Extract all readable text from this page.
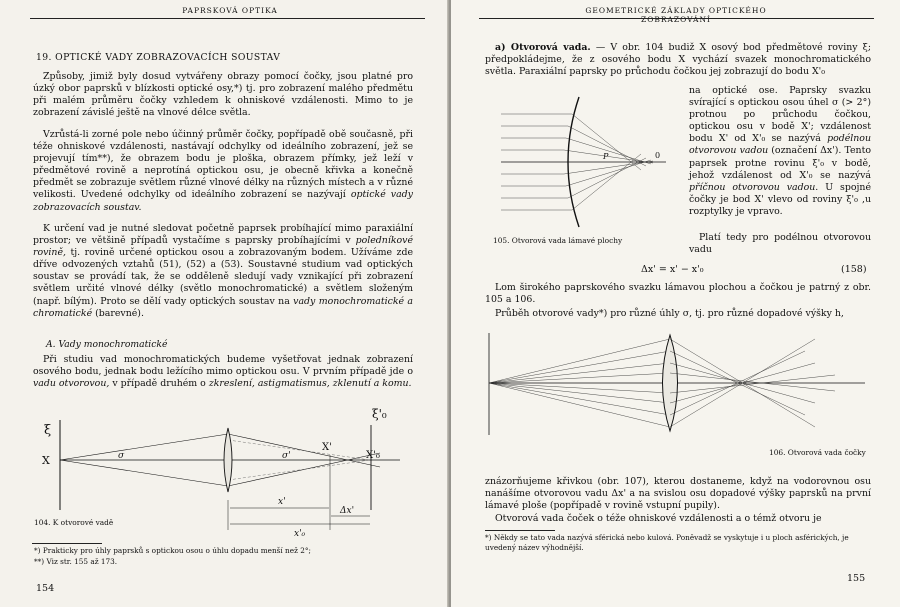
PAPRSKOVÁ OPTIKA
19. OPTICKÉ VADY ZOBRAZOVACÍCH SOUSTAV

Způsoby, jimiž byly dosud vytvářeny obrazy pomocí čočky, jsou platné pro úzký obor paprsků v blízkosti optické osy,*) tj. pro zobrazení malého předmětu při malém průměru čočky vzhledem k ohniskové vzdálenosti. Mimo to je zobrazení závislé ještě na vlnové délce světla.

Vzrůstá-li zorné pole nebo účinný průměr čočky, popřípadě obě současně, při téže ohniskové vzdálenosti, nastávají odchylky od ideálního zobrazení, jež se projevují tím**), že obrazem bodu je ploška, obrazem přímky, jež leží v předmětové rovině a neprotíná optickou osu, je obecně křivka a konečně předmět se zobrazuje světlem různé vlnové délky na různých místech a v různé velikosti. Uvedené odchylky od ideálního zobrazení se nazývají optické vady zobrazovacích soustav.

K určení vad je nutné sledovat početně paprsek probíhající mimo paraxiální prostor; ve většině případů vystačíme s paprsky probíhajícími v poledníkové rovině, tj. rovině určené optickou osou a zobrazovaným bodem. Užíváme zde dříve odvozených vztahů (51), (52) a (53). Soustavné studium vad optických soustav se provádí tak, že se odděleně sledují vady vznikající při zobrazení světlem určité vlnové délky (světlo monochromatické) a světlem složeným (např. bílým). Proto se dělí vady optických soustav na vady monochromatické a chromatické (barevné).

A. Vady monochromatické

Při studiu vad monochromatických budeme vyšetřovat jednak zobrazení osového bodu, jednak bodu ležícího mimo optickou osu. V prvním případě jde o vadu otvorovou, v případě druhém o zkreslení, astigmatismus, zklenutí a komu.

ξ
X	σ	σ'
X'
X'₀
ξ'₀
x'
Δx'
x'₀
104. K otvorové vadě
*) Prakticky pro úhly paprsků s optickou osou o úhlu dopadu menší než 2°;
**) Viz str. 155 až 173.
154
GEOMETRICKÉ ZÁKLADY OPTICKÉHO ZOBRAZOVÁNÍ

a) Otvorová vada. — V obr. 104 budiž X osový bod předmětové roviny ξ; předpokládejme, že z osového bodu X vychází svazek monochromatického světla. Paraxiální paprsky po průchodu čočkou jej zobrazují do bodu X'₀

P	0
105. Otvorová vada lámavé plochy

na optické ose. Paprsky svazku svírající s optickou osou úhel σ (> 2°) protnou po průchodu čočkou, optickou osu v bodě X'; vzdálenost bodu X' od X'₀ se nazývá podélnou otvorovou vadou (označení Δx'). Tento paprsek protne rovinu ξ'₀ v bodě, jehož vzdálenost od X'₀ se nazývá příčnou otvorovou vadou. U spojné čočky je bod X' vlevo od roviny ξ'₀ ,u rozptylky je vpravo.

Platí tedy pro podélnou otvorovou vadu

Δx' = x' − x'₀	(158)

Lom širokého paprskového svazku lámavou plochou a čočkou je patrný z obr. 105 a 106.

Průběh otvorové vady*) pro různé úhly σ, tj. pro různé dopadové výšky h,

106. Otvorová vada čočky

znázorňujeme křivkou (obr. 107), kterou dostaneme, když na vodorovnou osu nanášíme otvorovou vadu Δx' a na svislou osu dopadové výšky paprsků na první lámavé ploše (popřípadě v rovině vstupní pupily).

Otvorová vada čoček o téže ohniskové vzdálenosti a o témž otvoru je

*) Někdy se tato vada nazývá sférická nebo kulová. Poněvadž se vyskytuje i u ploch asférických, je uvedený název výhodnější.
155
